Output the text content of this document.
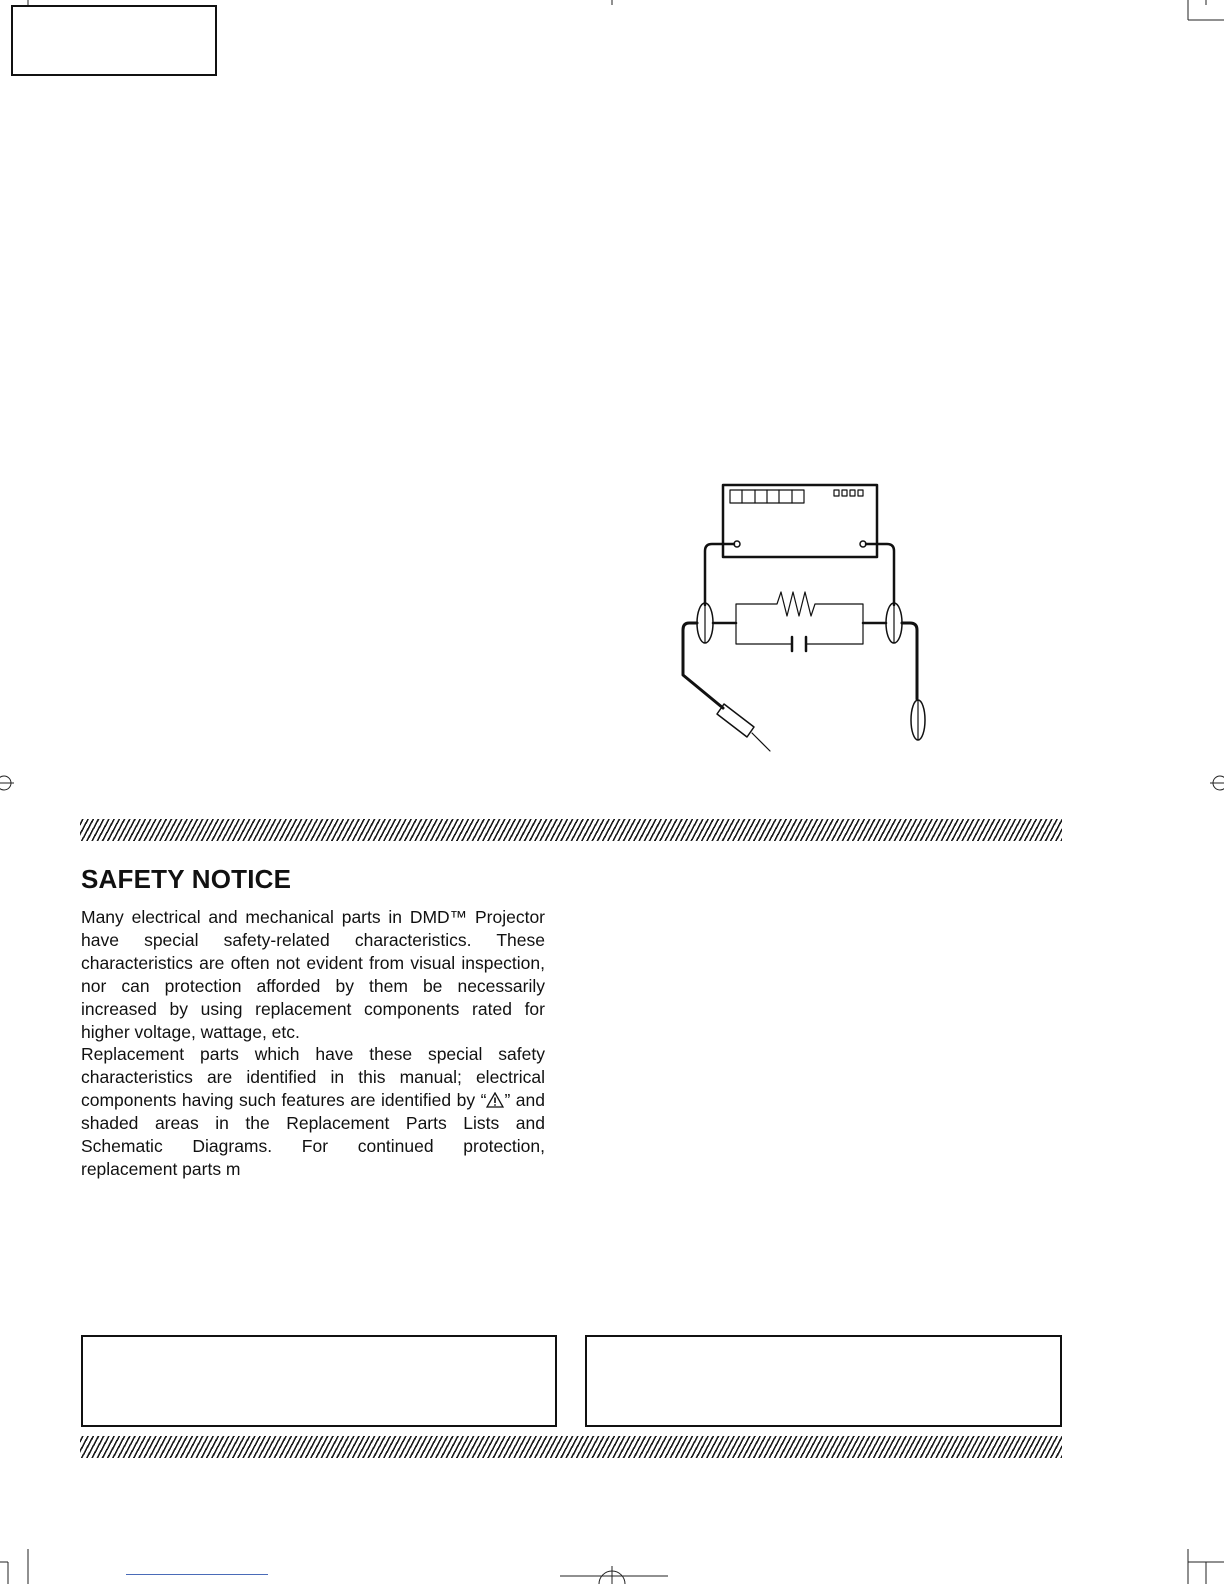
SAFETY NOTICE

Many electrical and mechanical parts in DMD™ Projector have special safety-related characteristics. These characteristics are often not evident from visual inspection, nor can protection afforded by them be necessarily increased by using replacement components rated for higher voltage, wattage, etc.

Replacement parts which have these special safety characteristics are identified in this manual; electrical components having such features are identified by “ ” and shaded areas in the Replacement Parts Lists and Schematic Diagrams. For continued protection, replacement parts m
